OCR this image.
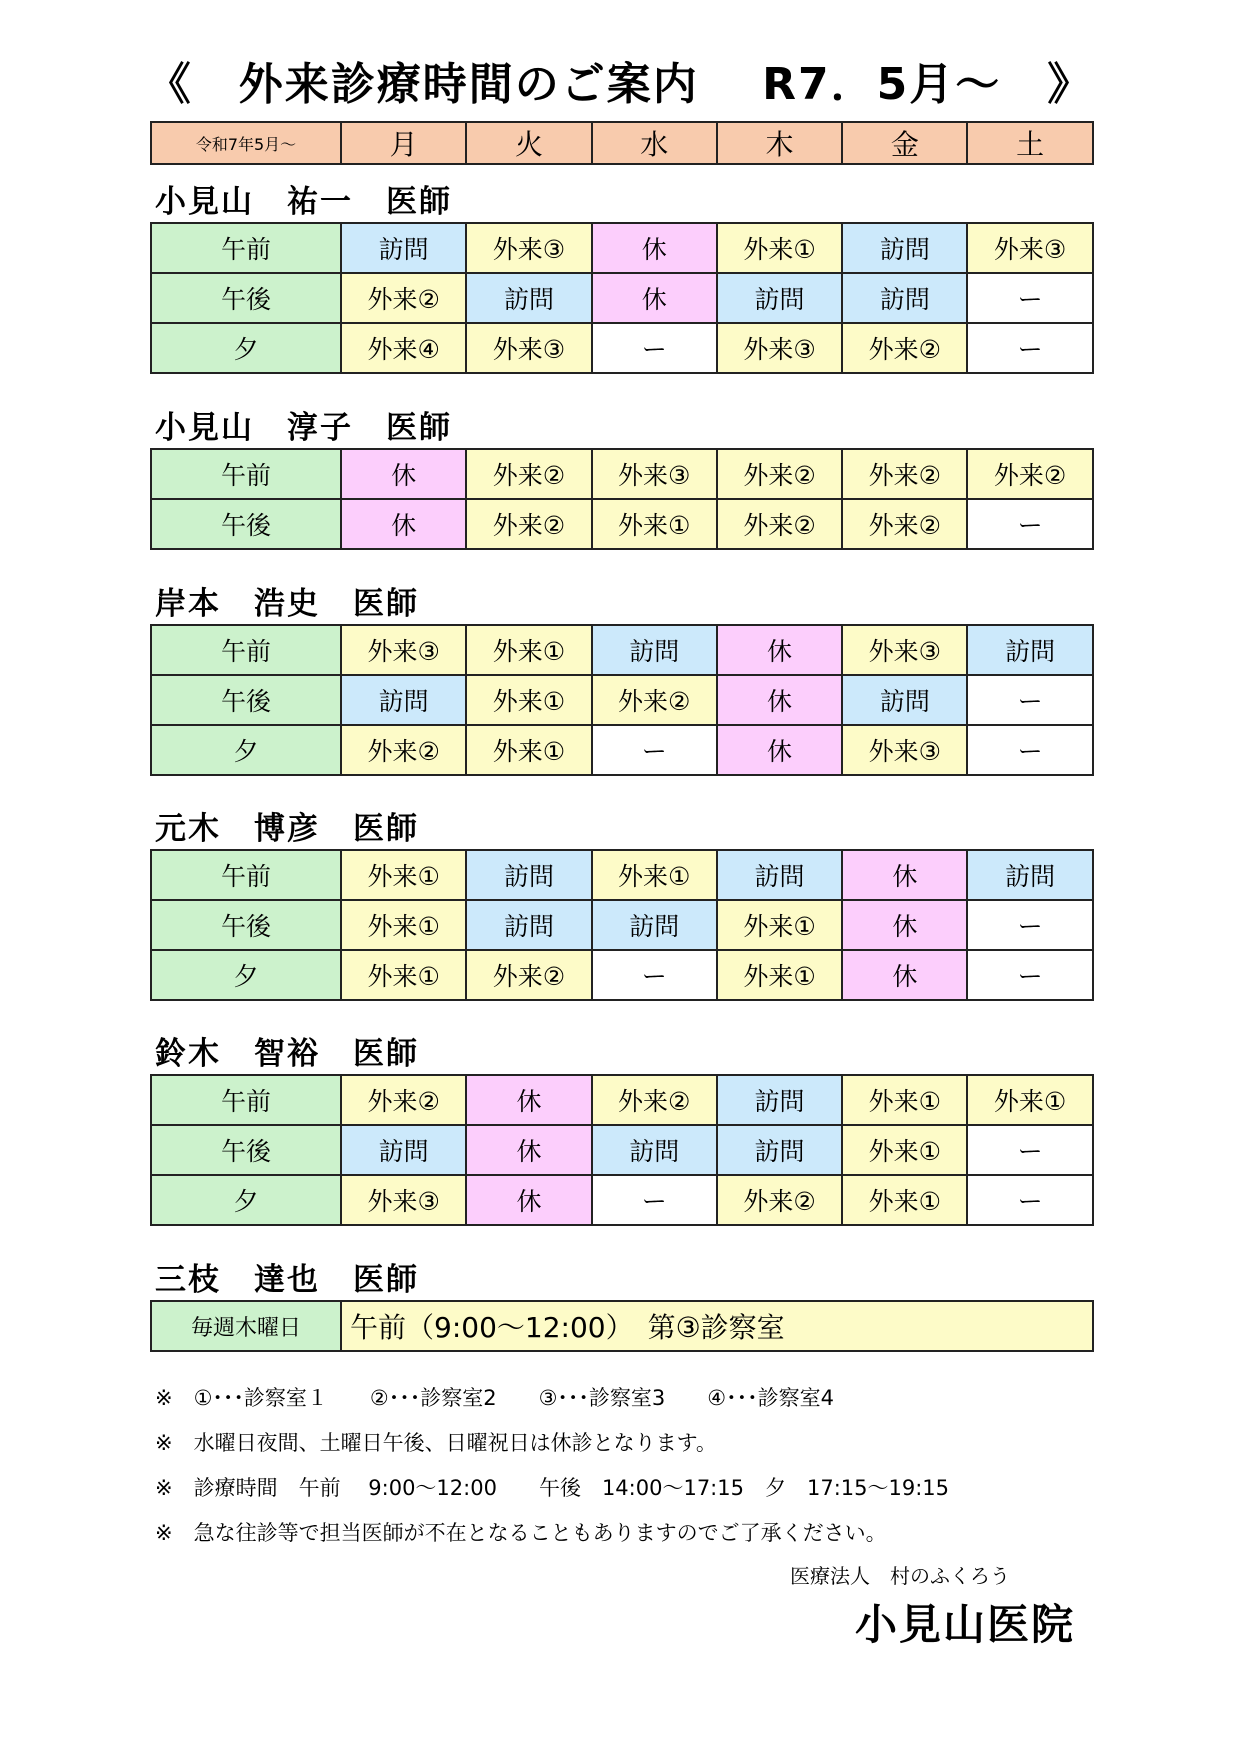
《　外来診療時間のご案内　 R7．5月～　》
令和7年5月～	月	火	水	木	金	土
小見山　祐一　医師
午前	訪問	外来③	休	外来①	訪問	外来③
午後	外来②	訪問	休	訪問	訪問	ー
夕	外来④	外来③	ー	外来③	外来②	ー
小見山　淳子　医師
午前	休	外来②	外来③	外来②	外来②	外来②
午後	休	外来②	外来①	外来②	外来②	ー
岸本　浩史　医師
午前	外来③	外来①	訪問	休	外来③	訪問
午後	訪問	外来①	外来②	休	訪問	ー
夕	外来②	外来①	ー	休	外来③	ー
元木　博彦　医師
午前	外来①	訪問	外来①	訪問	休	訪問
午後	外来①	訪問	訪問	外来①	休	ー
夕	外来①	外来②	ー	外来①	休	ー
鈴木　智裕　医師
午前	外来②	休	外来②	訪問	外来①	外来①
午後	訪問	休	訪問	訪問	外来①	ー
夕	外来③	休	ー	外来②	外来①	ー
三枝　達也　医師
毎週木曜日	午前（9:00～12:00）　第③診察室
※　①･･･診察室１　　②･･･診察室2　　③･･･診察室3　　④･･･診察室4
※　水曜日夜間、土曜日午後、日曜祝日は休診となります。
※　診療時間　午前　 9:00～12:00　　午後　14:00～17:15　夕　17:15～19:15
※　急な往診等で担当医師が不在となることもありますのでご了承ください。
医療法人　村のふくろう
小見山医院
